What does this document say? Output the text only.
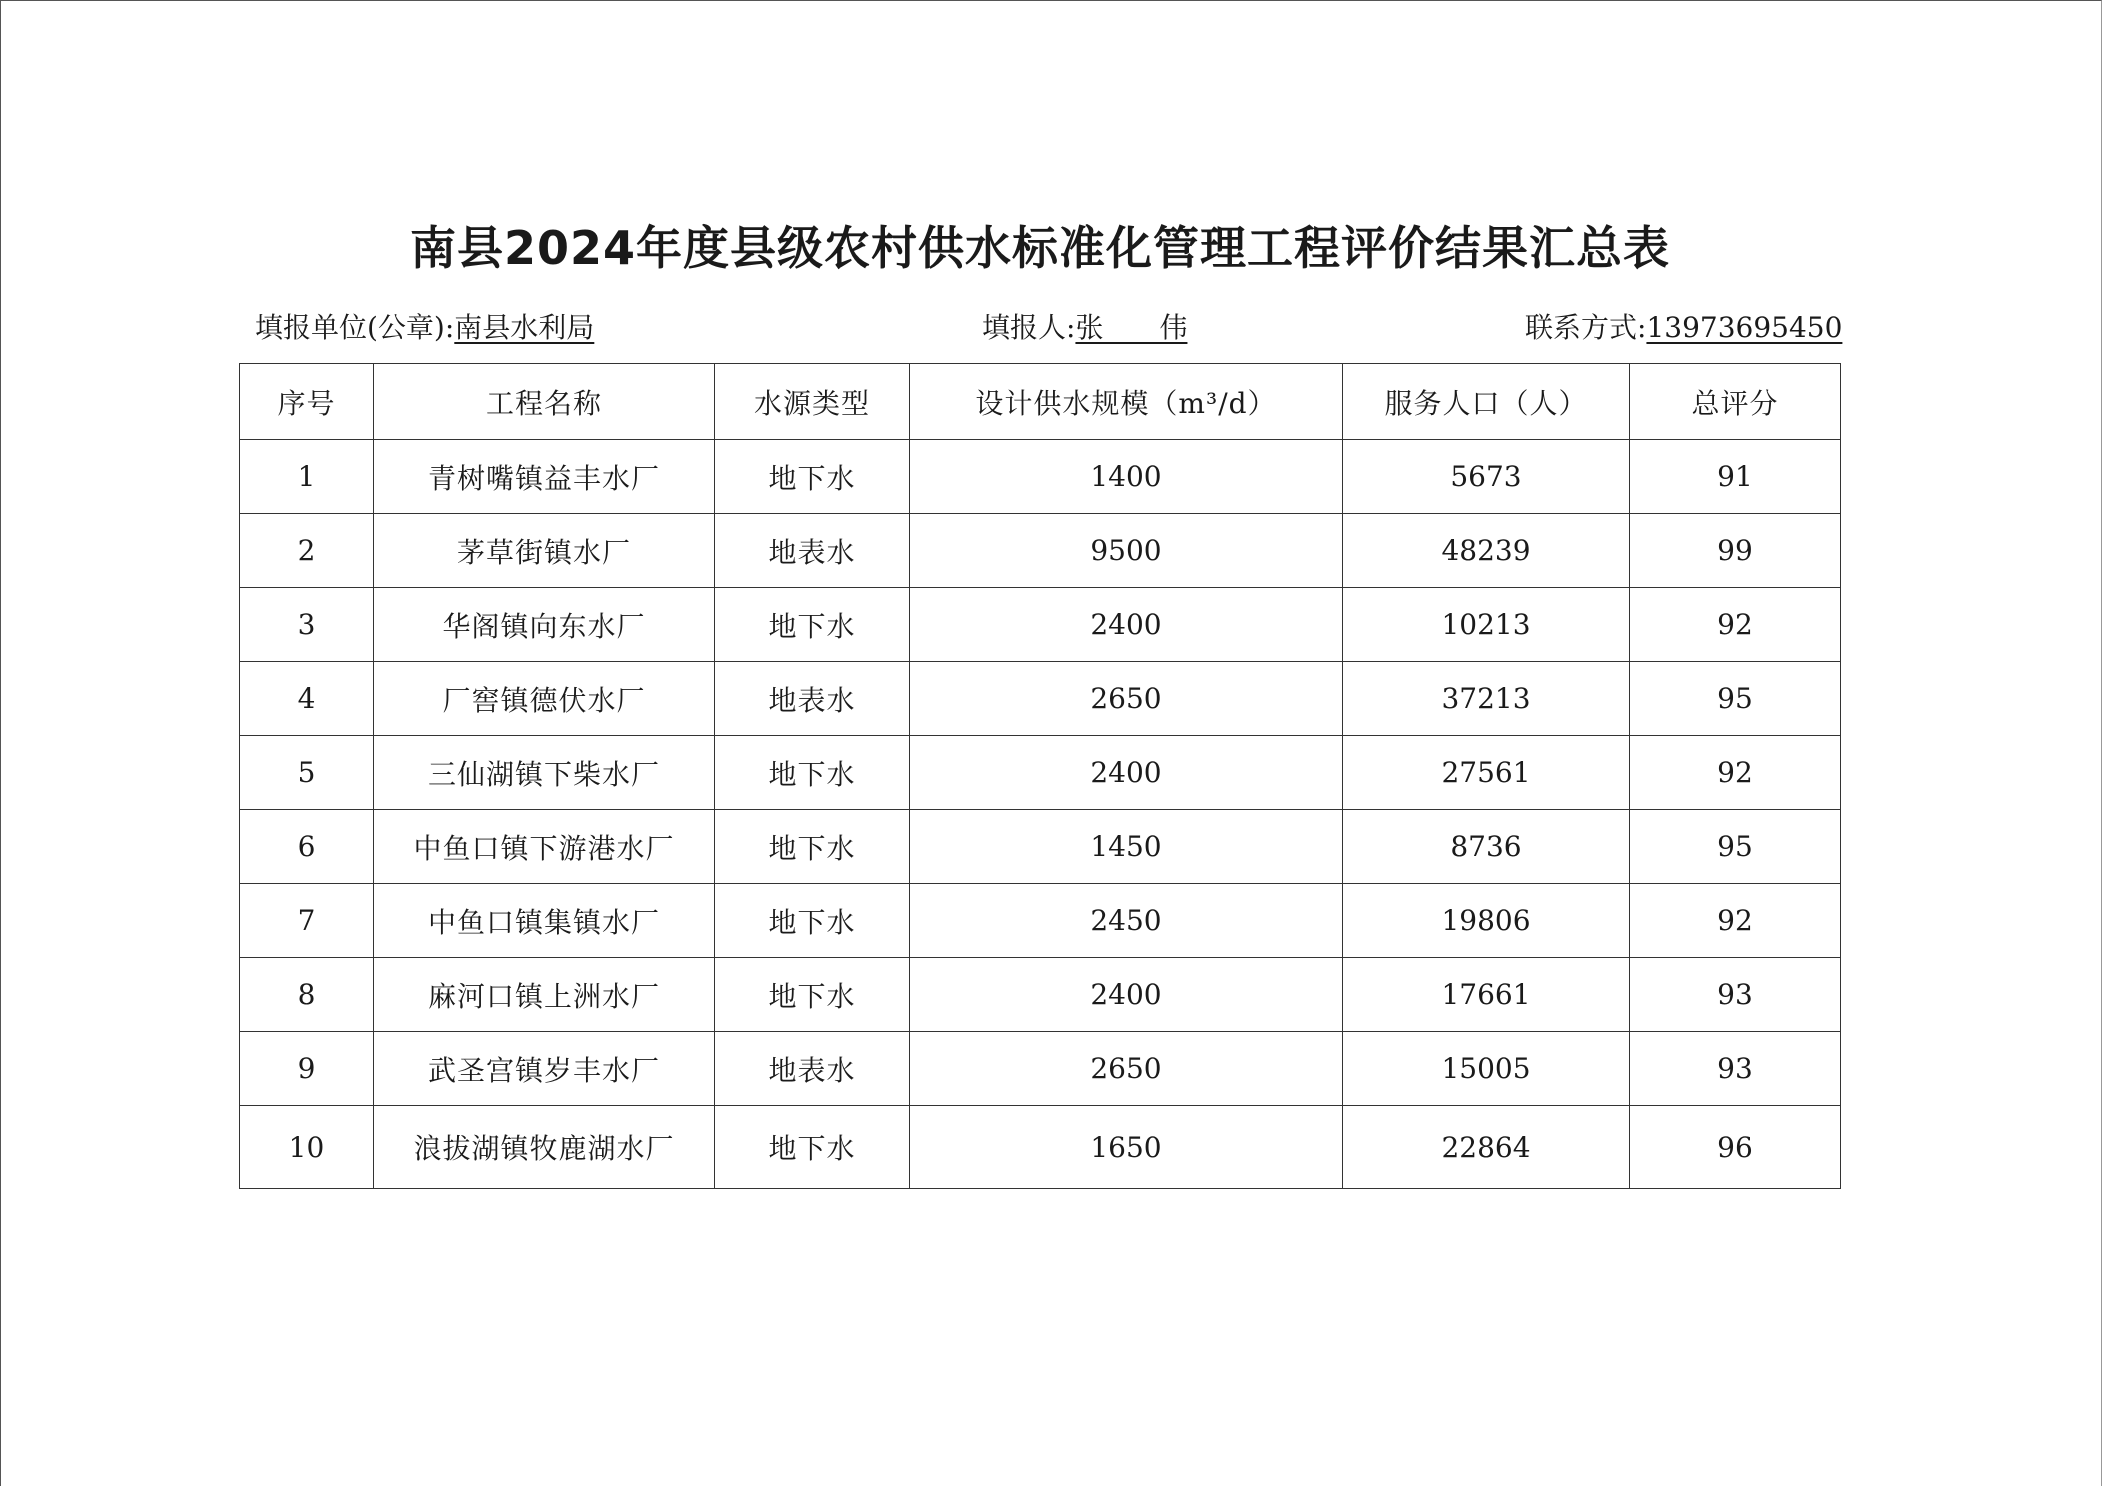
南县2024年度县级农村供水标准化管理工程评价结果汇总表
填报单位(公章):南县水利局	填报人:张　　伟	联系方式:13973695450
序号	工程名称	水源类型	设计供水规模（m³/d）	服务人口（人）	总评分
1	青树嘴镇益丰水厂	地下水	1400	5673	91
2	茅草街镇水厂	地表水	9500	48239	99
3	华阁镇向东水厂	地下水	2400	10213	92
4	厂窖镇德伏水厂	地表水	2650	37213	95
5	三仙湖镇下柴水厂	地下水	2400	27561	92
6	中鱼口镇下游港水厂	地下水	1450	8736	95
7	中鱼口镇集镇水厂	地下水	2450	19806	92
8	麻河口镇上洲水厂	地下水	2400	17661	93
9	武圣宫镇岁丰水厂	地表水	2650	15005	93
10	浪拔湖镇牧鹿湖水厂	地下水	1650	22864	96
